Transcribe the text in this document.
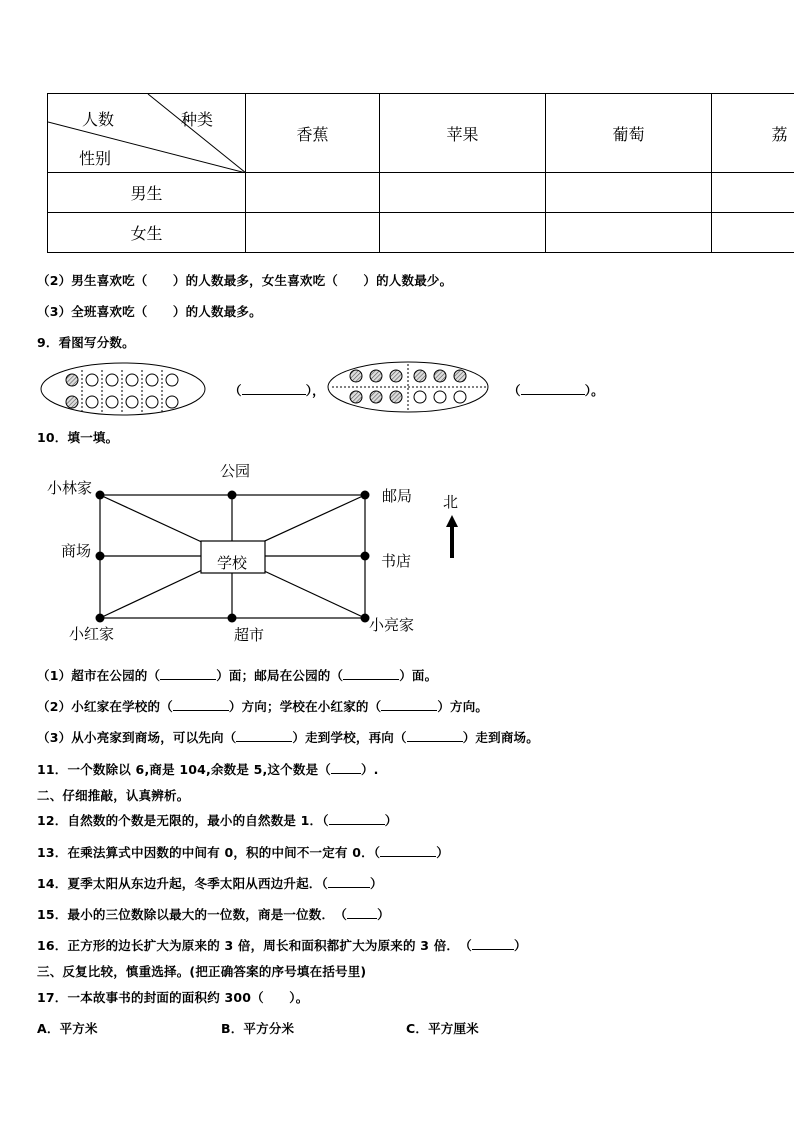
人数 种类
性别	香蕉	苹果	葡萄	荔
男生				
女生				
（2）男生喜欢吃（　　）的人数最多，女生喜欢吃（　　）的人数最少。
（3）全班喜欢吃（　　）的人数最多。
9．看图写分数。
（	），	（	）。
10．填一填。
公园
小林家	邮局
商场
学校	书店
小红家	超市
小亮家
北
（1）超市在公园的（	）面；邮局在公园的（	）面。
（2）小红家在学校的（	）方向；学校在小红家的（	）方向。
（3）从小亮家到商场，可以先向（	）走到学校，再向（	）走到商场。
11．一个数除以 6,商是 104,余数是 5,这个数是（ ）.
二、仔细推敲，认真辨析。
12．自然数的个数是无限的，最小的自然数是 1．（	）
13．在乘法算式中因数的中间有 0，积的中间不一定有 0．（	）
14．夏季太阳从东边升起，冬季太阳从西边升起．（	）
15．最小的三位数除以最大的一位数，商是一位数．　（ ）
16．正方形的边长扩大为原来的 3 倍，周长和面积都扩大为原来的 3 倍．　（	）
三、反复比较，慎重选择。(把正确答案的序号填在括号里)
17．一本故事书的封面的面积约 300（　　）。
A．平方米	B．平方分米	C．平方厘米
